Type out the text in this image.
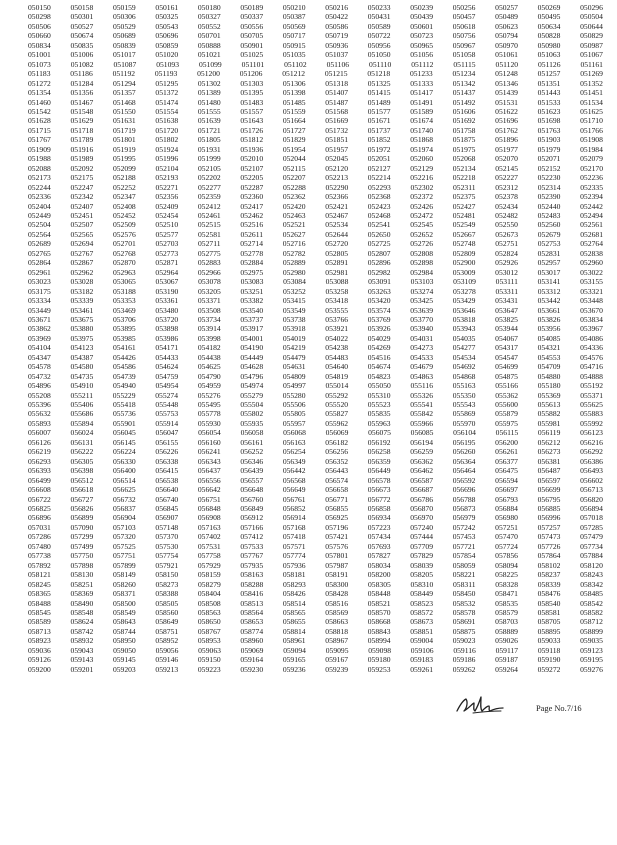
050150	050158	050159	050161	050180	050189	050210	050216	050233	050239	050256	050257	050269	050296
050298	050301	050306	050325	050327	050337	050387	050422	050431	050439	050457	050489	050495	050504
050506	050527	050529	050543	050552	050556	050569	050586	050589	050601	050618	050623	050634	050644
050660	050674	050689	050696	050701	050705	050717	050719	050722	050723	050756	050794	050828	050829
050834	050835	050839	050859	050888	050901	050915	050936	050956	050965	050967	050970	050980	050987
051001	051006	051017	051020	051021	051025	051035	051037	051050	051056	051058	051061	051063	051067
051073	051082	051087	051093	051099	051101	051102	051106	051110	051112	051115	051120	051126	051161
051183	051186	051192	051193	051200	051206	051212	051215	051218	051233	051234	051248	051257	051269
051272	051284	051294	051295	051302	051303	051306	051318	051325	051333	051342	051346	051351	051352
051354	051356	051357	051372	051389	051395	051398	051407	051415	051417	051437	051439	051443	051451
051460	051467	051468	051474	051480	051483	051485	051487	051489	051491	051492	051531	051533	051534
051542	051548	051550	051554	051555	051557	051559	051568	051577	051589	051606	051622	051623	051625
051628	051629	051631	051638	051639	051643	051664	051669	051671	051674	051692	051696	051698	051710
051715	051718	051719	051720	051721	051726	051727	051732	051737	051740	051758	051762	051763	051766
051767	051789	051801	051802	051805	051812	051829	051851	051852	051868	051875	051896	051903	051908
051909	051916	051919	051924	051931	051936	051954	051957	051972	051974	051975	051977	051979	051984
051988	051989	051995	051996	051999	052010	052044	052045	052051	052060	052068	052070	052071	052079
052088	052092	052099	052104	052105	052107	052115	052120	052127	052129	052134	052145	052152	052170
052173	052175	052188	052193	052202	052205	052207	052213	052214	052216	052218	052227	052230	052236
052244	052247	052252	052271	052277	052287	052288	052290	052293	052302	052311	052312	052314	052335
052336	052342	052347	052356	052359	052360	052362	052366	052368	052372	052375	052378	052390	052394
052404	052407	052408	052409	052412	052417	052420	052421	052423	052426	052427	052434	052440	052442
052449	052451	052452	052454	052461	052462	052463	052467	052468	052472	052481	052482	052483	052494
052504	052507	052509	052510	052515	052516	052521	052534	052541	052545	052549	052550	052560	052561
052564	052565	052576	052577	052581	052611	052627	052644	052650	052652	052667	052673	052679	052681
052689	052694	052701	052703	052711	052714	052716	052720	052725	052726	052748	052751	052753	052764
052765	052767	052768	052773	052775	052778	052782	052805	052807	052808	052809	052824	052831	052838
052864	052867	052870	052871	052883	052884	052889	052891	052896	052898	052900	052926	052957	052960
052961	052962	052963	052964	052966	052975	052980	052981	052982	052984	053009	053012	053017	053022
053023	053028	053065	053067	053078	053083	053084	053088	053091	053103	053109	053111	053141	053155
053175	053182	053188	053190	053205	053251	053252	053258	053263	053274	053278	053311	053312	053321
053334	053339	053353	053361	053371	053382	053415	053418	053420	053425	053429	053431	053442	053448
053449	053461	053469	053480	053508	053540	053549	053555	053574	053639	053646	053647	053661	053670
053671	053675	053706	053720	053734	053737	053738	053766	053769	053770	053818	053825	053826	053834
053862	053880	053895	053898	053914	053917	053918	053921	053926	053940	053943	053944	053956	053967
053969	053975	053985	053986	053998	054001	054019	054022	054029	054031	054035	054067	054085	054086
054104	054123	054161	054171	054182	054190	054219	054238	054269	054273	054277	054317	054321	054336
054347	054387	054426	054433	054438	054449	054479	054483	054516	054533	054534	054547	054553	054576
054578	054580	054586	054624	054625	054628	054631	054640	054674	054679	054692	054699	054709	054716
054732	054735	054739	054759	054790	054796	054809	054819	054823	054863	054868	054875	054880	054888
054896	054910	054940	054954	054959	054974	054997	055014	055050	055116	055163	055166	055180	055192
055208	055211	055229	055274	055276	055279	055280	055292	055310	055326	055350	055362	055369	055371
055396	055406	055418	055448	055495	055504	055506	055520	055523	055541	055543	055600	055613	055625
055632	055686	055736	055753	055778	055802	055805	055827	055835	055842	055869	055879	055882	055883
055893	055894	055901	055914	055930	055935	055957	055962	055963	055966	055970	055975	055981	055992
056007	056024	056045	056047	056054	056058	056068	056069	056075	056085	056104	056115	056119	056123
056126	056131	056145	056155	056160	056161	056163	056182	056192	056194	056195	056200	056212	056216
056219	056222	056224	056226	056241	056252	056254	056256	056258	056259	056260	056261	056273	056292
056293	056305	056330	056338	056343	056346	056349	056352	056359	056362	056364	056377	056381	056386
056393	056398	056400	056415	056437	056439	056442	056443	056449	056462	056464	056475	056487	056493
056499	056512	056514	056538	056556	056557	056568	056574	056578	056587	056592	056594	056597	056602
056608	056618	056625	056640	056642	056648	056649	056658	056673	056687	056696	056697	056699	056713
056722	056727	056732	056740	056751	056760	056761	056771	056772	056786	056788	056793	056795	056820
056825	056826	056837	056845	056848	056849	056852	056855	056858	056870	056873	056884	056885	056894
056896	056899	056904	056907	056908	056912	056914	056925	056934	056970	056979	056980	056996	057018
057031	057090	057103	057148	057163	057166	057168	057196	057223	057240	057242	057251	057257	057285
057286	057299	057320	057370	057402	057412	057418	057421	057434	057444	057453	057470	057473	057479
057480	057499	057525	057530	057531	057533	057571	057576	057693	057709	057721	057724	057726	057734
057738	057750	057751	057754	057758	057767	057774	057801	057827	057829	057854	057856	057864	057884
057892	057898	057899	057921	057929	057935	057936	057987	058034	058039	058059	058094	058102	058120
058121	058130	058149	058150	058159	058163	058181	058191	058200	058205	058221	058225	058237	058243
058245	058251	058260	058273	058279	058288	058293	058300	058305	058310	058311	058328	058339	058342
058365	058369	058371	058388	058404	058416	058426	058428	058448	058449	058450	058471	058476	058485
058488	058490	058500	058505	058508	058513	058514	058516	058521	058523	058532	058535	058540	058542
058545	058548	058549	058560	058563	058564	058565	058569	058570	058572	058578	058579	058581	058582
058589	058624	058643	058649	058650	058653	058655	058663	058668	058673	058691	058703	058705	058712
058713	058742	058744	058751	058767	058774	058814	058818	058843	058851	058875	058889	058895	058899
058923	058932	058950	058952	058953	058960	058961	058967	058994	059004	059023	059026	059033	059035
059036	059043	059050	059056	059063	059069	059094	059095	059098	059106	059116	059117	059118	059123
059126	059143	059145	059146	059150	059164	059165	059167	059180	059183	059186	059187	059190	059195
059200	059201	059203	059213	059223	059230	059236	059239	059253	059261	059262	059264	059272	059276
Page No.7/16
